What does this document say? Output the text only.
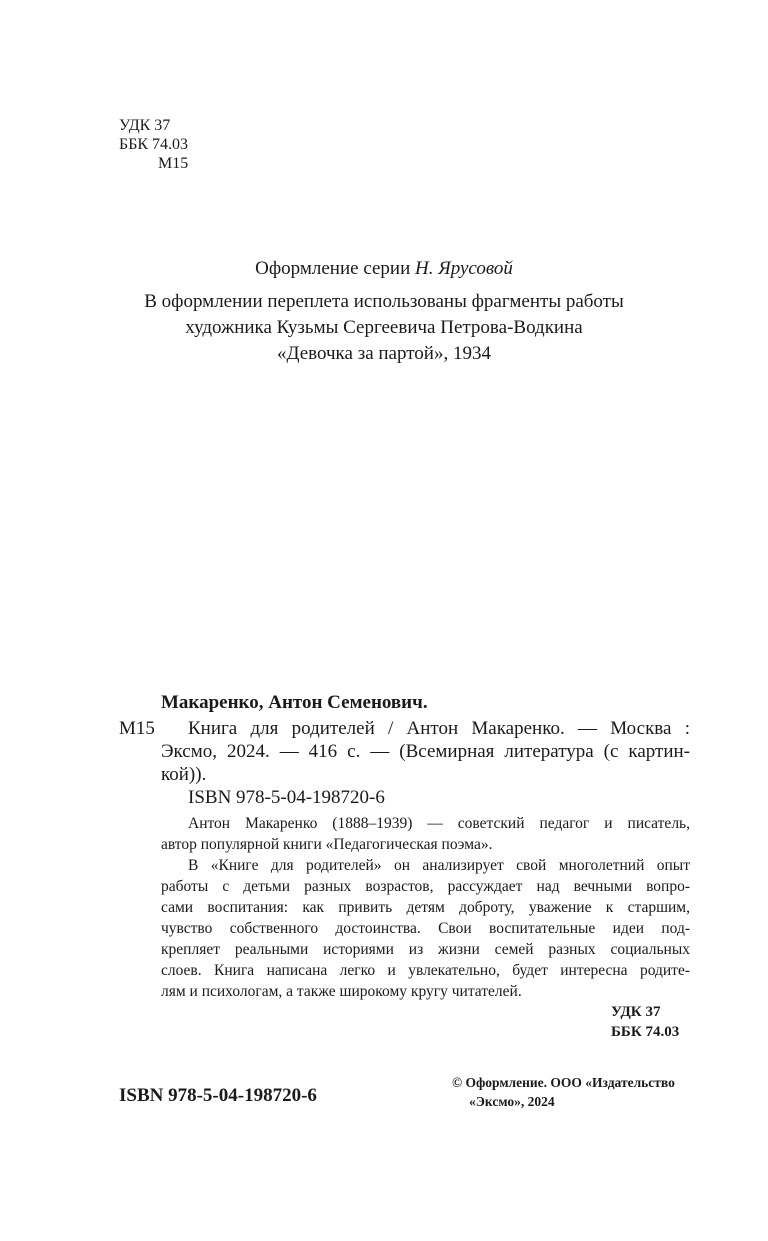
УДК 37
ББК 74.03
М15
Оформление серии Н. Ярусовой
В оформлении переплета использованы фрагменты работы
художника Кузьмы Сергеевича Петрова-Водкина
«Девочка за партой», 1934
Макаренко, Антон Семенович.
М15 Книга для родителей / Антон Макаренко. — Москва :
Эксмо, 2024. — 416 с. — (Всемирная литература (с картин-
кой)).
ISBN 978-5-04-198720-6
Антон Макаренко (1888–1939) — советский педагог и писатель,
автор популярной книги «Педагогическая поэма».
В «Книге для родителей» он анализирует свой многолетний опыт
работы с детьми разных возрастов, рассуждает над вечными вопро-
сами воспитания: как привить детям доброту, уважение к старшим,
чувство собственного достоинства. Свои воспитательные идеи под-
крепляет реальными историями из жизни семей разных социальных
слоев. Книга написана легко и увлекательно, будет интересна родите-
лям и психологам, а также широкому кругу читателей.
УДК 37
ББК 74.03
ISBN 978-5-04-198720-6
© Оформление. ООО «Издательство
«Эксмо», 2024
